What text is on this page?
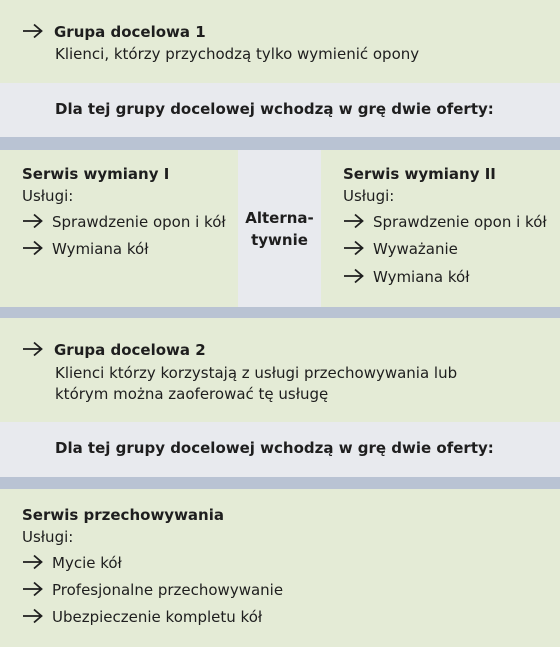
Grupa docelowa 1
Klienci, którzy przychodzą tylko wymienić opony
Dla tej grupy docelowej wchodzą w grę dwie oferty:
Serwis wymiany I
Usługi:
Sprawdzenie opon i kół
Wymiana kół
Alterna-
tywnie
Serwis wymiany II
Usługi:
Sprawdzenie opon i kół
Wyważanie
Wymiana kół
Grupa docelowa 2
Klienci którzy korzystają z usługi przechowywania lub
którym można zaoferować tę usługę
Dla tej grupy docelowej wchodzą w grę dwie oferty:
Serwis przechowywania
Usługi:
Mycie kół
Profesjonalne przechowywanie
Ubezpieczenie kompletu kół
